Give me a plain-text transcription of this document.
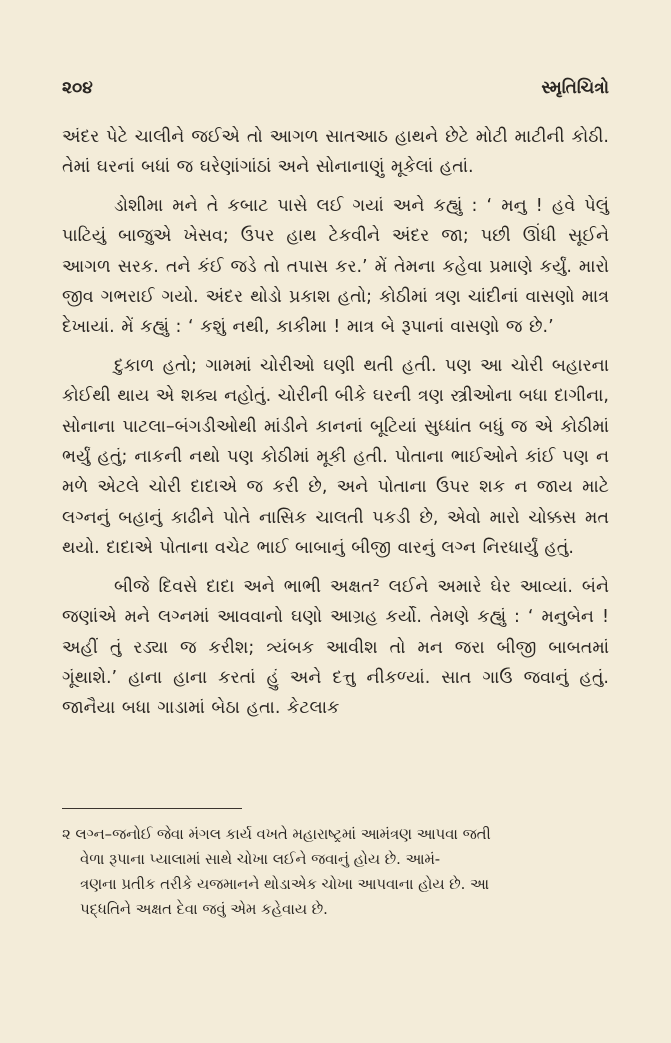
૨૦૪	સ્મૃતિચિત્રો

અંદર પેટે ચાલીને જઈએ તો આગળ સાતઆઠ હાથને છેટે મોટી માટીની કોઠી. તેમાં ઘરનાં બધાં જ ઘરેણાંગાંઠાં અને સોનાનાણું મૂકેલાં હતાં.

ડોશીમા મને તે કબાટ પાસે લઈ ગયાં અને કહ્યું : ‘ મનુ ! હવે પેલું પાટિયું બાજુએ ખેસવ; ઉપર હાથ ટેકવીને અંદર જા; પછી ઊંધી સૂઈને આગળ સરક. તને કંઈ જડે તો તપાસ કર.’ મેં તેમના કહેવા પ્રમાણે કર્યું. મારો જીવ ગભરાઈ ગયો. અંદર થોડો પ્રકાશ હતો; કોઠીમાં ત્રણ ચાંદીનાં વાસણો માત્ર દેખાયાં. મેં કહ્યું : ‘ કશું નથી, કાકીમા ! માત્ર બે રૂપાનાં વાસણો જ છે.’

દુકાળ હતો; ગામમાં ચોરીઓ ઘણી થતી હતી. પણ આ ચોરી બહારના કોઈથી થાય એ શક્ય નહોતું. ચોરીની બીકે ઘરની ત્રણ સ્ત્રીઓના બધા દાગીના, સોનાના પાટલા–બંગડીઓથી માંડીને કાનનાં બૂટિયાં સુધ્ધાંત બધું જ એ કોઠીમાં ભર્યું હતું; નાકની નથો પણ કોઠીમાં મૂકી હતી. પોતાના ભાઈઓને કાંઈ પણ ન મળે એટલે ચોરી દાદાએ જ કરી છે, અને પોતાના ઉપર શક ન જાય માટે લગ્નનું બહાનું કાઢીને પોતે નાસિક ચાલતી પકડી છે, એવો મારો ચોક્કસ મત થયો. દાદાએ પોતાના વચેટ ભાઈ બાબાનું બીજી વારનું લગ્ન નિરધાર્યું હતું.

બીજે દિવસે દાદા અને ભાભી અક્ષત² લઈને અમારે ઘેર આવ્યાં. બંને જણાંએ મને લગ્નમાં આવવાનો ઘણો આગ્રહ કર્યો. તેમણે કહ્યું : ‘ મનુબેન ! અહીં તું રડ્યા જ કરીશ; ત્ર્યંબક આવીશ તો મન જરા બીજી બાબતમાં ગૂંથાશે.’ હાના હાના કરતાં હું અને દત્તુ નીકળ્યાં. સાત ગાઉ જવાનું હતું. જાનૈયા બધા ગાડામાં બેઠા હતા. કેટલાક

૨ લગ્ન–જનોઈ જેવા મંગલ કાર્ય વખતે મહારાષ્ટ્રમાં આમંત્રણ આપવા જતી

વેળા રૂપાના પ્યાલામાં સાથે ચોખા લઈને જવાનું હોય છે. આમં-

ત્રણના પ્રતીક તરીકે યજમાનને થોડાએક ચોખા આપવાના હોય છે. આ

પદ્ધતિને અક્ષત દેવા જવું એમ કહેવાય છે.
